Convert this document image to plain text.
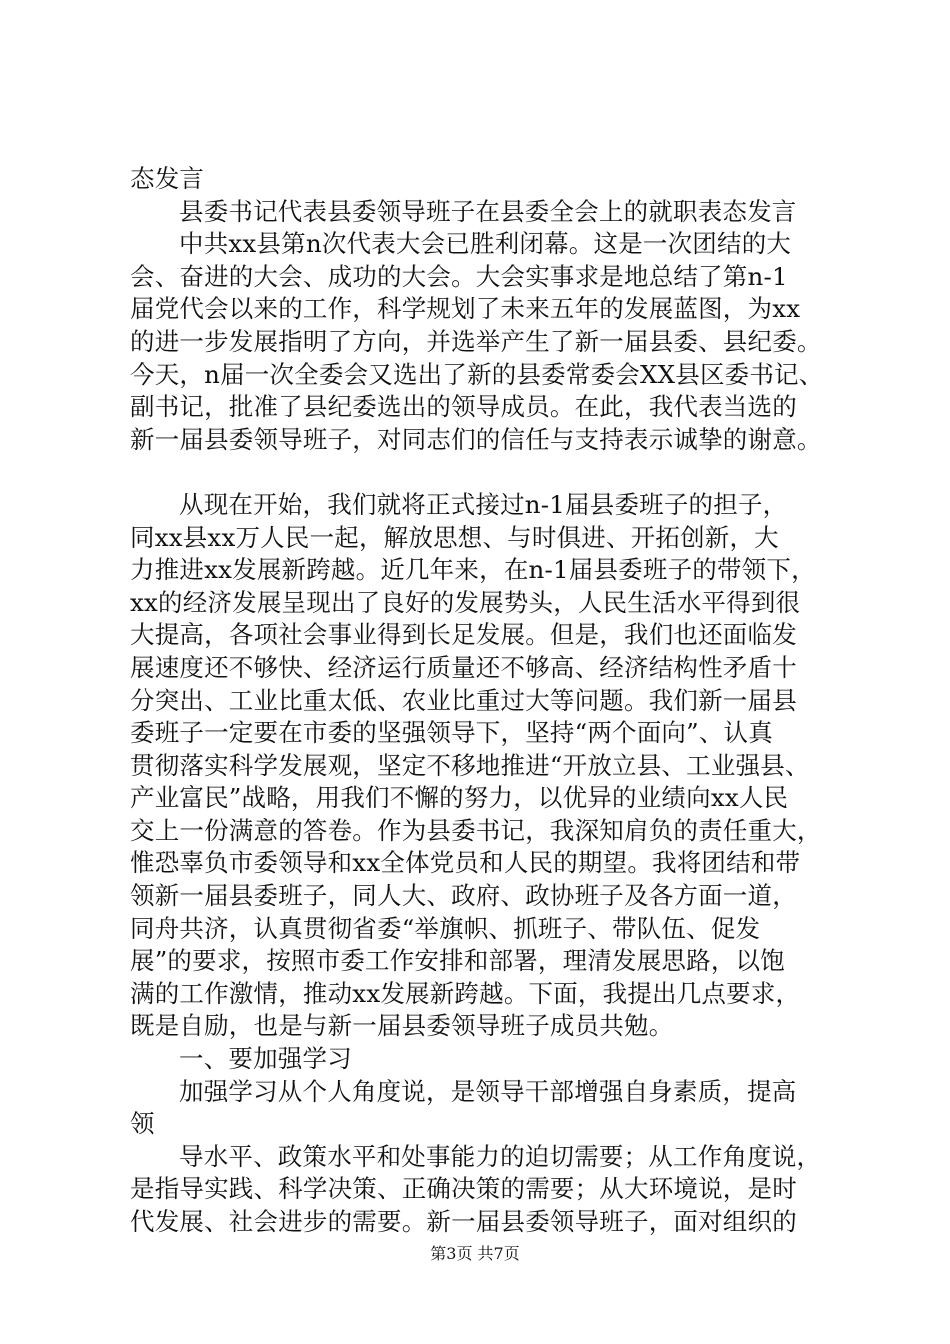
态发言
县委书记代表县委领导班子在县委全会上的就职表态发言
中共xx县第n次代表大会已胜利闭幕。这是一次团结的大
会、奋进的大会、成功的大会。大会实事求是地总结了第n-1
届党代会以来的工作，科学规划了未来五年的发展蓝图，为xx
的进一步发展指明了方向，并选举产生了新一届县委、县纪委。
今天，n届一次全委会又选出了新的县委常委会XX县区委书记、
副书记，批准了县纪委选出的领导成员。在此，我代表当选的
新一届县委领导班子，对同志们的信任与支持表示诚挚的谢意。
从现在开始，我们就将正式接过n-1届县委班子的担子，
同xx县xx万人民一起，解放思想、与时俱进、开拓创新，大
力推进xx发展新跨越。近几年来，在n-1届县委班子的带领下，
xx的经济发展呈现出了良好的发展势头，人民生活水平得到很
大提高，各项社会事业得到长足发展。但是，我们也还面临发
展速度还不够快、经济运行质量还不够高、经济结构性矛盾十
分突出、工业比重太低、农业比重过大等问题。我们新一届县
委班子一定要在市委的坚强领导下，坚持“两个面向”、认真
贯彻落实科学发展观，坚定不移地推进“开放立县、工业强县、
产业富民”战略，用我们不懈的努力，以优异的业绩向xx人民
交上一份满意的答卷。作为县委书记，我深知肩负的责任重大，
惟恐辜负市委领导和xx全体党员和人民的期望。我将团结和带
领新一届县委班子，同人大、政府、政协班子及各方面一道，
同舟共济，认真贯彻省委“举旗帜、抓班子、带队伍、促发
展”的要求，按照市委工作安排和部署，理清发展思路，以饱
满的工作激情，推动xx发展新跨越。下面，我提出几点要求，
既是自励，也是与新一届县委领导班子成员共勉。
一、要加强学习
加强学习从个人角度说，是领导干部增强自身素质，提高
领
导水平、政策水平和处事能力的迫切需要；从工作角度说，
是指导实践、科学决策、正确决策的需要；从大环境说，是时
代发展、社会进步的需要。新一届县委领导班子，面对组织的
第3页 共7页
